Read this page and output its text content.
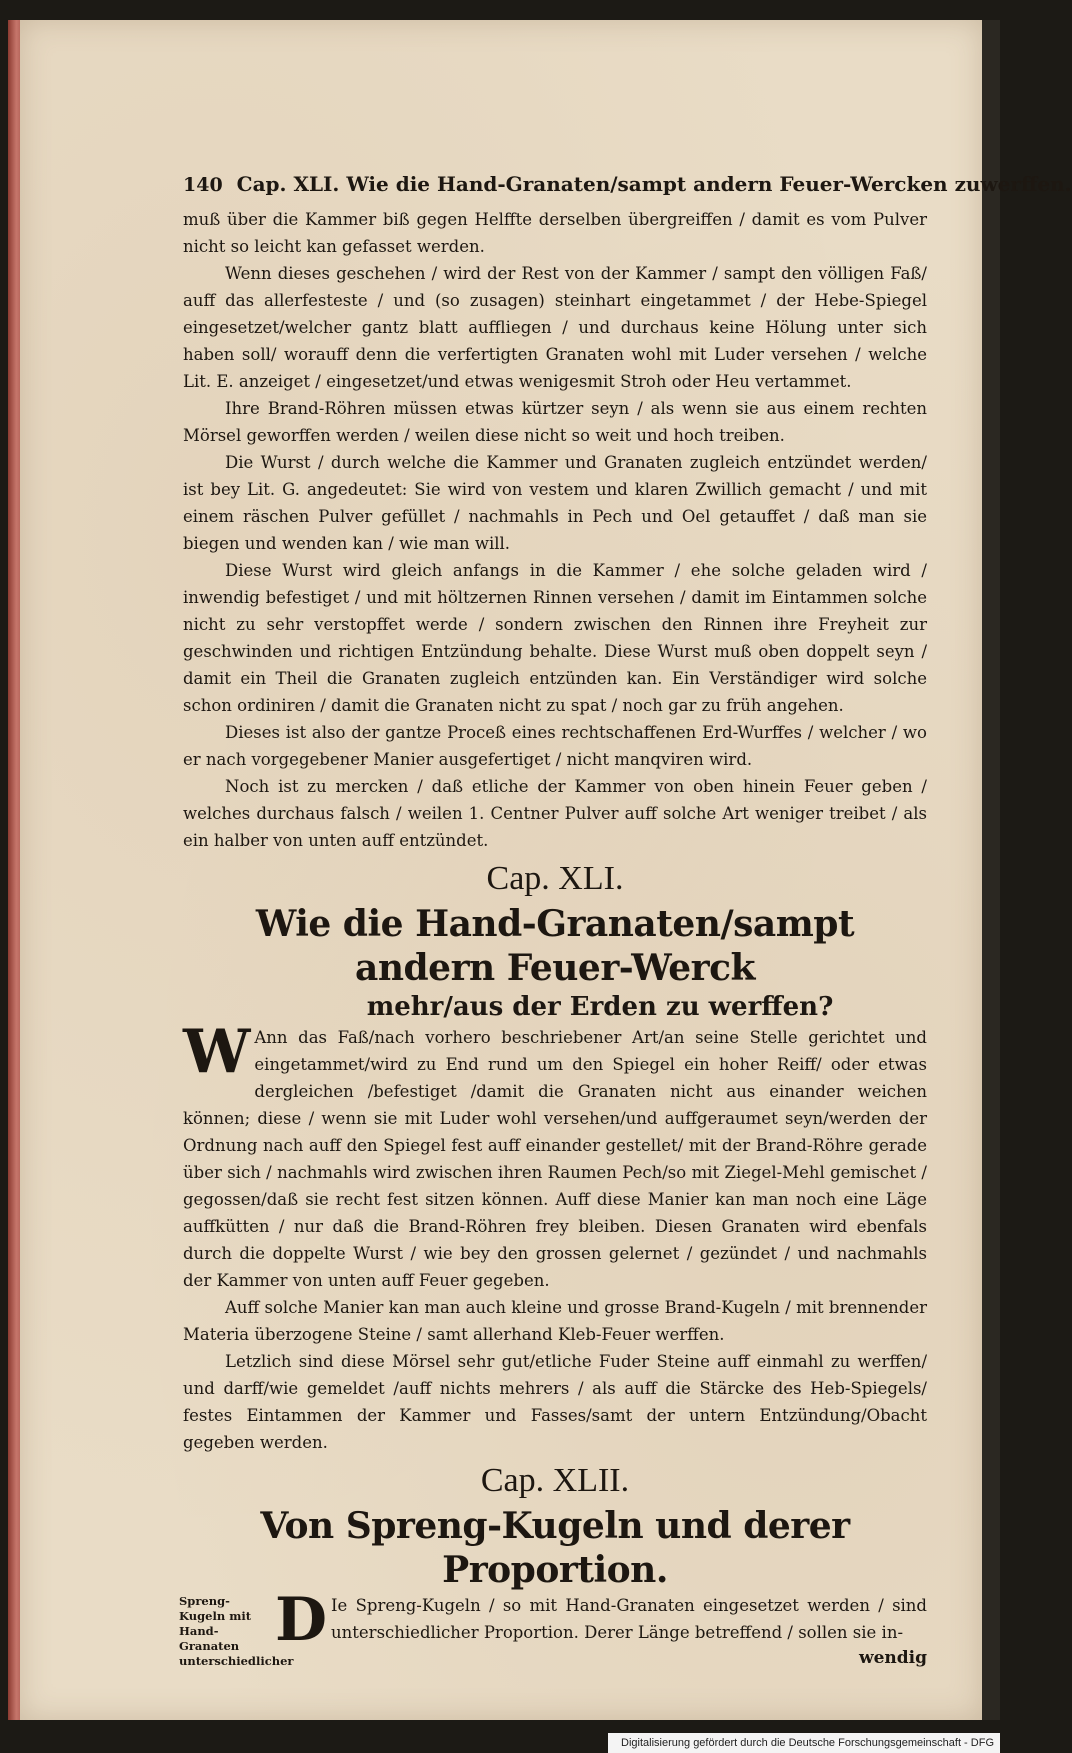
140 Cap. XLI. Wie die Hand-Granaten/sampt andern Feuer-Wercken zuwerffen.

muß über die Kammer biß gegen Helffte derselben übergreiffen / damit es vom Pulver nicht so leicht kan gefasset werden.

Wenn dieses geschehen / wird der Rest von der Kammer / sampt den völligen Faß/ auff das allerfesteste / und (so zusagen) steinhart eingetammet / der Hebe-Spiegel eingesetzet/welcher gantz blatt auffliegen / und durchaus keine Hölung unter sich haben soll/ worauff denn die verfertigten Granaten wohl mit Luder versehen / welche Lit. E. anzeiget / eingesetzet/und etwas wenigesmit Stroh oder Heu vertammet.

Ihre Brand-Röhren müssen etwas kürtzer seyn / als wenn sie aus einem rechten Mörsel geworffen werden / weilen diese nicht so weit und hoch treiben.

Die Wurst / durch welche die Kammer und Granaten zugleich entzündet werden/ ist bey Lit. G. angedeutet: Sie wird von vestem und klaren Zwillich gemacht / und mit einem räschen Pulver gefüllet / nachmahls in Pech und Oel getauffet / daß man sie biegen und wenden kan / wie man will.

Diese Wurst wird gleich anfangs in die Kammer / ehe solche geladen wird / inwendig befestiget / und mit höltzernen Rinnen versehen / damit im Eintammen solche nicht zu sehr verstopffet werde / sondern zwischen den Rinnen ihre Freyheit zur geschwinden und richtigen Entzündung behalte. Diese Wurst muß oben doppelt seyn / damit ein Theil die Granaten zugleich entzünden kan. Ein Verständiger wird solche schon ordiniren / damit die Granaten nicht zu spat / noch gar zu früh angehen.

Dieses ist also der gantze Proceß eines rechtschaffenen Erd-Wurffes / welcher / wo er nach vorgegebener Manier ausgefertiget / nicht manqviren wird.

Noch ist zu mercken / daß etliche der Kammer von oben hinein Feuer geben / welches durchaus falsch / weilen 1. Centner Pulver auff solche Art weniger treibet / als ein halber von unten auff entzündet.

Cap. XLI.
Wie die Hand-Granaten/sampt andern Feuer-Werck
mehr/aus der Erden zu werffen?
W Ann das Faß/nach vorhero beschriebener Art/an seine Stelle gerichtet und eingetammet/wird zu End rund um den Spiegel ein hoher Reiff/ oder etwas dergleichen /befestiget /damit die Granaten nicht aus einander weichen können; diese / wenn sie mit Luder wohl versehen/und auffgeraumet seyn/werden der Ordnung nach auff den Spiegel fest auff einander gestellet/ mit der Brand-Röhre gerade über sich / nachmahls wird zwischen ihren Raumen Pech/so mit Ziegel-Mehl gemischet / gegossen/daß sie recht fest sitzen können. Auff diese Manier kan man noch eine Läge auffkütten / nur daß die Brand-Röhren frey bleiben. Diesen Granaten wird ebenfals durch die doppelte Wurst / wie bey den grossen gelernet / gezündet / und nachmahls der Kammer von unten auff Feuer gegeben.

Auff solche Manier kan man auch kleine und grosse Brand-Kugeln / mit brennender Materia überzogene Steine / samt allerhand Kleb-Feuer werffen.

Letzlich sind diese Mörsel sehr gut/etliche Fuder Steine auff einmahl zu werffen/ und darff/wie gemeldet /auff nichts mehrers / als auff die Stärcke des Heb-Spiegels/ festes Eintammen der Kammer und Fasses/samt der untern Entzündung/Obacht gegeben werden.

Cap. XLII.
Von Spreng-Kugeln und derer Proportion.
Spreng-Kugeln mit Hand-Granaten unterschiedlicher
D Ie Spreng-Kugeln / so mit Hand-Granaten eingesetzet werden / sind unterschiedlicher Proportion. Derer Länge betreffend / sollen sie in-

wendig
Digitalisierung gefördert durch die Deutsche Forschungsgemeinschaft - DFG
